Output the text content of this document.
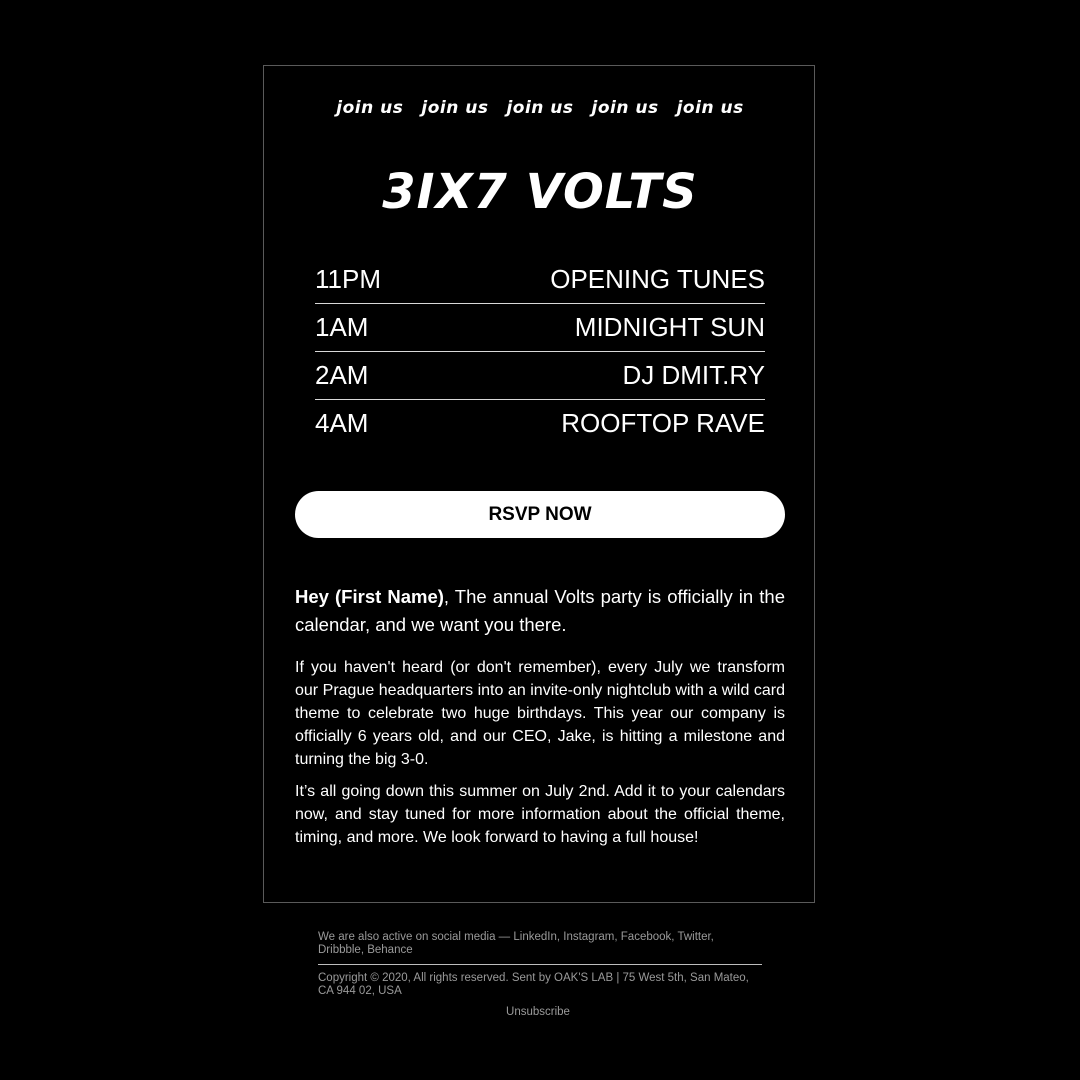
join us join us join us join us join us
3IX7 VOLTS
11PM	OPENING TUNES
1AM	MIDNIGHT SUN
2AM	DJ DMIT.RY
4AM	ROOFTOP RAVE
RSVP NOW
Hey (First Name), The annual Volts party is officially in the calendar, and we want you there.
If you haven't heard (or don't remember), every July we transform our Prague headquarters into an invite-only nightclub with a wild card theme to celebrate two huge birthdays. This year our company is officially 6 years old, and our CEO, Jake, is hitting a milestone and turning the big 3-0.
It’s all going down this summer on July 2nd. Add it to your calendars now, and stay tuned for more information about the official theme, timing, and more. We look forward to having a full house!
We are also active on social media — LinkedIn, Instagram, Facebook, Twitter, Dribbble, Behance
Copyright © 2020, All rights reserved. Sent by OAK'S LAB | 75 West 5th, San Mateo, CA 944 02, USA
Unsubscribe
